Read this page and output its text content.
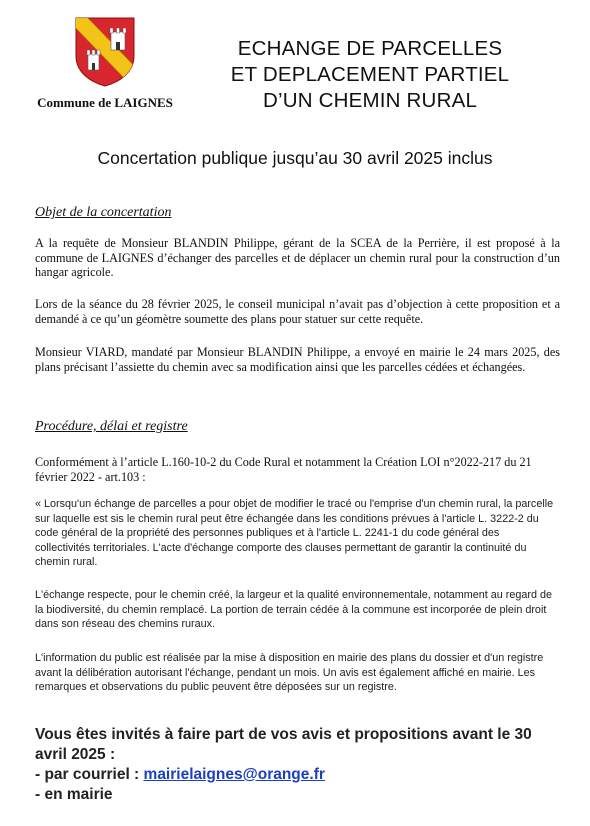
Commune de LAIGNES
ECHANGE DE PARCELLES
ET DEPLACEMENT PARTIEL
D’UN CHEMIN RURAL
Concertation publique jusqu’au 30 avril 2025 inclus
Objet de la concertation
A la requête de Monsieur BLANDIN Philippe, gérant de la SCEA de la Perrière, il est proposé à la commune de LAIGNES d’échanger des parcelles et de déplacer un chemin rural pour la construction d’un hangar agricole.
Lors de la séance du 28 février 2025, le conseil municipal n’avait pas d’objection à cette proposition et a demandé à ce qu’un géomètre soumette des plans pour statuer sur cette requête.
Monsieur VIARD, mandaté par Monsieur BLANDIN Philippe, a envoyé en mairie le 24 mars 2025, des plans précisant l’assiette du chemin avec sa modification ainsi que les parcelles cédées et échangées.
Procédure, délai et registre
Conformément à l’article L.160-10-2 du Code Rural et notamment la Création LOI n°2022-217 du 21 février 2022 - art.103 :
« Lorsqu'un échange de parcelles a pour objet de modifier le tracé ou l'emprise d'un chemin rural, la parcelle sur laquelle est sis le chemin rural peut être échangée dans les conditions prévues à l'article L. 3222-2 du code général de la propriété des personnes publiques et à l'article L. 2241-1 du code général des collectivités territoriales. L'acte d'échange comporte des clauses permettant de garantir la continuité du chemin rural.
L'échange respecte, pour le chemin créé, la largeur et la qualité environnementale, notamment au regard de la biodiversité, du chemin remplacé. La portion de terrain cédée à la commune est incorporée de plein droit dans son réseau des chemins ruraux.
L'information du public est réalisée par la mise à disposition en mairie des plans du dossier et d'un registre avant la délibération autorisant l'échange, pendant un mois. Un avis est également affiché en mairie. Les remarques et observations du public peuvent être déposées sur un registre.
Vous êtes invités à faire part de vos avis et propositions avant le 30 avril 2025 :
- par courriel : mairielaignes@orange.fr
- en mairie
